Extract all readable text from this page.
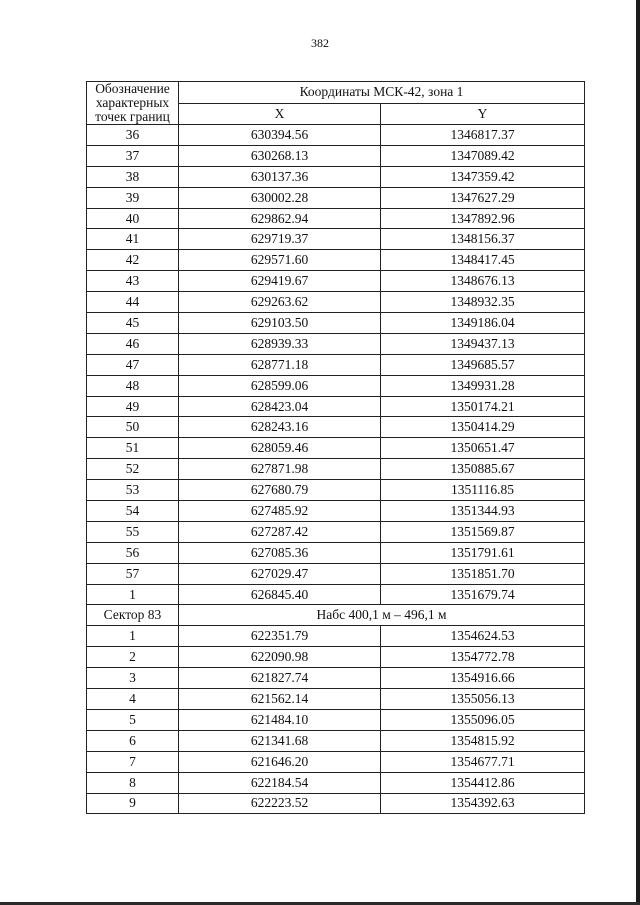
382
Обозначение характерных точек границ	Координаты МСК-42, зона 1	
	X	Y
36	630394.56	1346817.37
37	630268.13	1347089.42
38	630137.36	1347359.42
39	630002.28	1347627.29
40	629862.94	1347892.96
41	629719.37	1348156.37
42	629571.60	1348417.45
43	629419.67	1348676.13
44	629263.62	1348932.35
45	629103.50	1349186.04
46	628939.33	1349437.13
47	628771.18	1349685.57
48	628599.06	1349931.28
49	628423.04	1350174.21
50	628243.16	1350414.29
51	628059.46	1350651.47
52	627871.98	1350885.67
53	627680.79	1351116.85
54	627485.92	1351344.93
55	627287.42	1351569.87
56	627085.36	1351791.61
57	627029.47	1351851.70
1	626845.40	1351679.74
Сектор 83	Набс 400,1 м – 496,1 м	
1	622351.79	1354624.53
2	622090.98	1354772.78
3	621827.74	1354916.66
4	621562.14	1355056.13
5	621484.10	1355096.05
6	621341.68	1354815.92
7	621646.20	1354677.71
8	622184.54	1354412.86
9	622223.52	1354392.63
